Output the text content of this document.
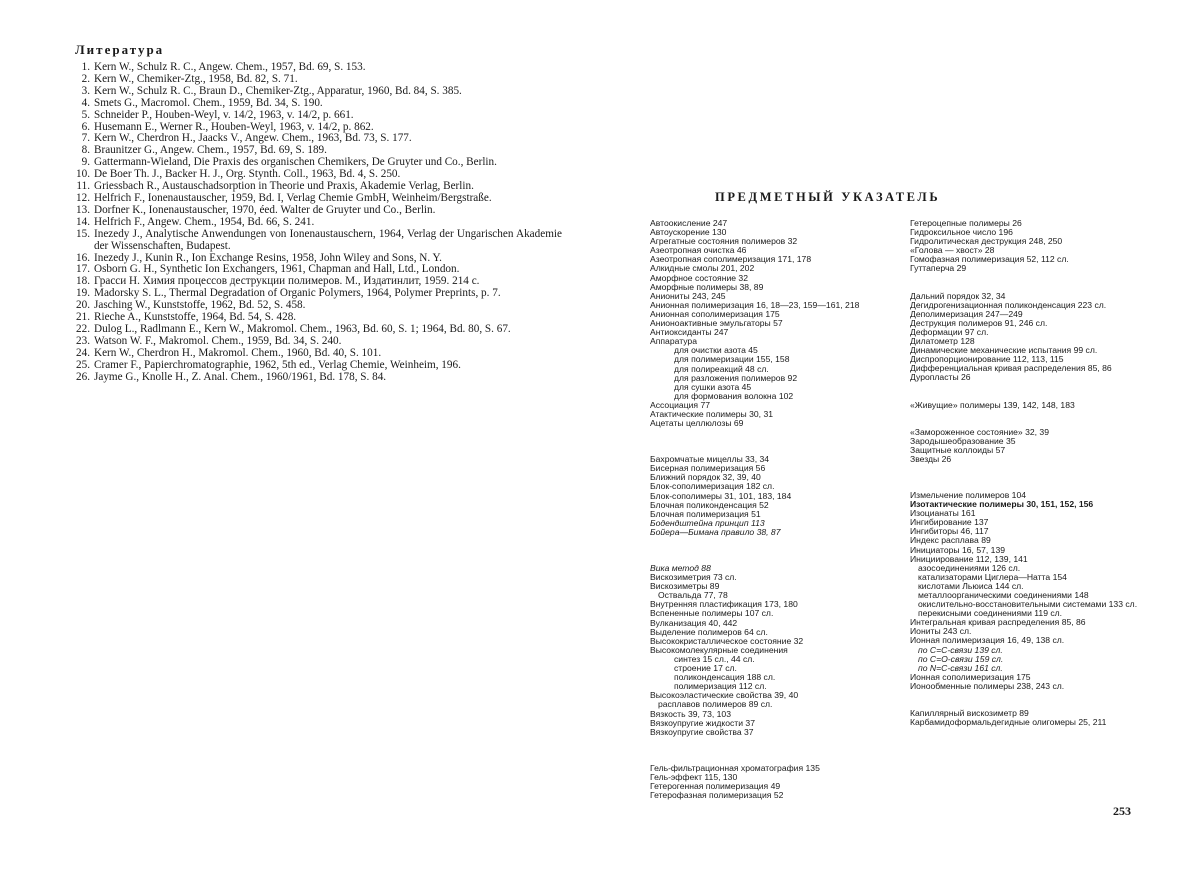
Литература
1. Kern W., Schulz R. C., Angew. Chem., 1957, Bd. 69, S. 153.
2. Kern W., Chemiker-Ztg., 1958, Bd. 82, S. 71.
3. Kern W., Schulz R. C., Braun D., Chemiker-Ztg., Apparatur, 1960, Bd. 84, S. 385.
4. Smets G., Macromol. Chem., 1959, Bd. 34, S. 190.
5. Schneider P., Houben-Weyl, v. 14/2, 1963, v. 14/2, p. 661.
6. Husemann E., Werner R., Houben-Weyl, 1963, v. 14/2, p. 862.
7. Kern W., Cherdron H., Jaacks V., Angew. Chem., 1963, Bd. 73, S. 177.
8. Braunitzer G., Angew. Chem., 1957, Bd. 69, S. 189.
9. Gattermann-Wieland, Die Praxis des organischen Chemikers, De Gruyter und Co., Berlin.
10. De Boer Th. J., Backer H. J., Org. Stynth. Coll., 1963, Bd. 4, S. 250.
11. Griessbach R., Austauschadsorption in Theorie und Praxis, Akademie Verlag, Berlin.
12. Helfrich F., Ionenaustauscher, 1959, Bd. I, Verlag Chemie GmbH, Weinheim/Bergstraße.
13. Dorfner K., Ionenaustauscher, 1970, éed. Walter de Gruyter und Co., Berlin.
14. Helfrich F., Angew. Chem., 1954, Bd. 66, S. 241.
15. Inezedy J., Analytische Anwendungen von Ionenaustauschern, 1964, Verlag der Ungarischen Akademie der Wissenschaften, Budapest.
16. Inezedy J., Kunin R., Ion Exchange Resins, 1958, John Wiley and Sons, N. Y.
17. Osborn G. H., Synthetic Ion Exchangers, 1961, Chapman and Hall, Ltd., London.
18. Грасси Н. Химия процессов деструкции полимеров. М., Издатинлит, 1959. 214 с.
19. Madorsky S. L., Thermal Degradation of Organic Polymers, 1964, Polymer Preprints, p. 7.
20. Jasching W., Kunststoffe, 1962, Bd. 52, S. 458.
21. Rieche A., Kunststoffe, 1964, Bd. 54, S. 428.
22. Dulog L., Radlmann E., Kern W., Makromol. Chem., 1963, Bd. 60, S. 1; 1964, Bd. 80, S. 67.
23. Watson W. F., Makromol. Chem., 1959, Bd. 34, S. 240.
24. Kern W., Cherdron H., Makromol. Chem., 1960, Bd. 40, S. 101.
25. Cramer F., Papierchromatographie, 1962, 5th ed., Verlag Chemie, Weinheim, 196.
26. Jayme G., Knolle H., Z. Anal. Chem., 1960/1961, Bd. 178, S. 84.
ПРЕДМЕТНЫЙ УКАЗАТЕЛЬ
Автоокисление 247
Автоускорение 130
Агрегатные состояния полимеров 32
Азеотропная очистка 46
Азеотропная сополимеризация 171, 178
Алкидные смолы 201, 202
Аморфное состояние 32
Аморфные полимеры 38, 89
Аниониты 243, 245
Анионная полимеризация 16, 18—23, 159—161, 218
Анионная сополимеризация 175
Анионоактивные эмульгаторы 57
Антиоксиданты 247
Аппаратура
для очистки азота 45
для полимеризации 155, 158
для полиреакций 48 сл.
для разложения полимеров 92
для сушки азота 45
для формования волокна 102
Ассоциация 77
Атактические полимеры 30, 31
Ацетаты целлюлозы 69
Бахромчатые мицеллы 33, 34
Бисерная полимеризация 56
Ближний порядок 32, 39, 40
Блок-сополимеризация 182 сл.
Блок-сополимеры 31, 101, 183, 184
Блочная поликонденсация 52
Блочная полимеризация 51
Бодендштейна принцип 113
Бойера—Бимана правило 38, 87
Вика метод 88
Вискозиметрия 73 сл.
Вискозиметры 89
Оствальда 77, 78
Внутренняя пластификация 173, 180
Вспененные полимеры 107 сл.
Вулканизация 40, 442
Выделение полимеров 64 сл.
Высококристаллическое состояние 32
Высокомолекулярные соединения
синтез 15 сл., 44 сл.
строение 17 сл.
поликонденсация 188 сл.
полимеризация 112 сл.
Высокоэластические свойства 39, 40
расплавов полимеров 89 сл.
Вязкость 39, 73, 103
Вязкоупругие жидкости 37
Вязкоупругие свойства 37
Гель-фильтрационная хроматография 135
Гель-эффект 115, 130
Гетерогенная полимеризация 49
Гетерофазная полимеризация 52
Гетероцепные полимеры 26
Гидроксильное число 196
Гидролитическая деструкция 248, 250
«Голова — хвост» 28
Гомофазная полимеризация 52, 112 сл.
Гуттаперча 29
Дальний порядок 32, 34
Дегидрогенизационная поликонденсация 223 сл.
Деполимеризация 247—249
Деструкция полимеров 91, 246 сл.
Деформации 97 сл.
Дилатометр 128
Динамические механические испытания 99 сл.
Диспропорционирование 112, 113, 115
Дифференциальная кривая распределения 85, 86
Дуропласты 26
«Живущие» полимеры 139, 142, 148, 183
«Замороженное состояние» 32, 39
Зародышеобразование 35
Защитные коллоиды 57
Звезды 26
Измельчение полимеров 104
Изотактические полимеры 30, 151, 152, 156
Изоцианаты 161
Ингибирование 137
Ингибиторы 46, 117
Индекс расплава 89
Инициаторы 16, 57, 139
Инициирование 112, 139, 141
азосоединениями 126 сл.
катализаторами Циглера—Натта 154
кислотами Льюиса 144 сл.
металлоорганическими соединениями 148
окислительно-восстановительными системами 133 сл.
перекисными соединениями 119 сл.
Интегральная кривая распределения 85, 86
Иониты 243 сл.
Ионная полимеризация 16, 49, 138 сл.
по С=С-связи 139 сл.
по С=О-связи 159 сл.
по N=С-связи 161 сл.
Ионная сополимеризация 175
Ионообменные полимеры 238, 243 сл.
Капиллярный вискозиметр 89
Карбамидоформальдегидные олигомеры 25, 211
253
